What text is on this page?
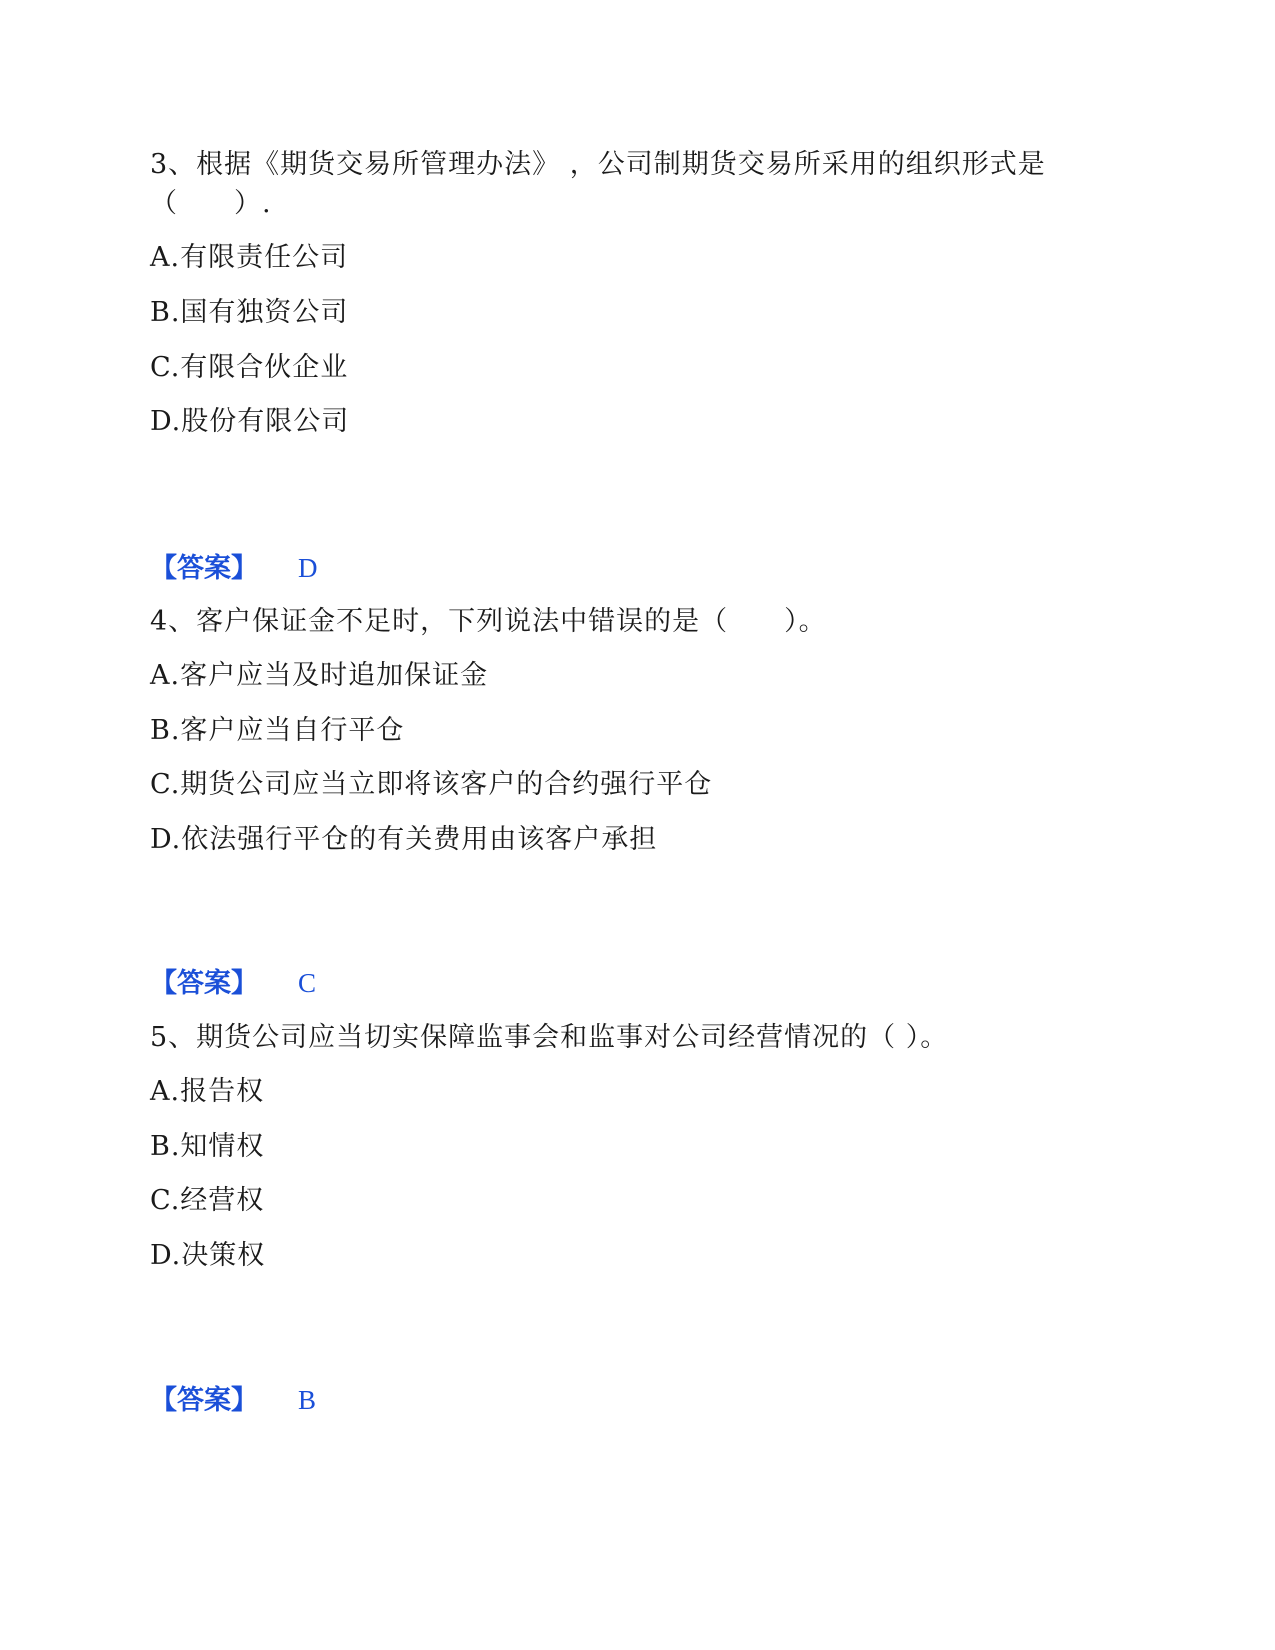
3、根据《期货交易所管理办法》 ，公司制期货交易所采用的组织形式是
（　　）.
A.有限责任公司
B.国有独资公司
C.有限合伙企业
D.股份有限公司
【答案】 D
4、客户保证金不足时，下列说法中错误的是（　　）。
A.客户应当及时追加保证金
B.客户应当自行平仓
C.期货公司应当立即将该客户的合约强行平仓
D.依法强行平仓的有关费用由该客户承担
【答案】 C
5、期货公司应当切实保障监事会和监事对公司经营情况的（ ）。
A.报告权
B.知情权
C.经营权
D.决策权
【答案】 B
